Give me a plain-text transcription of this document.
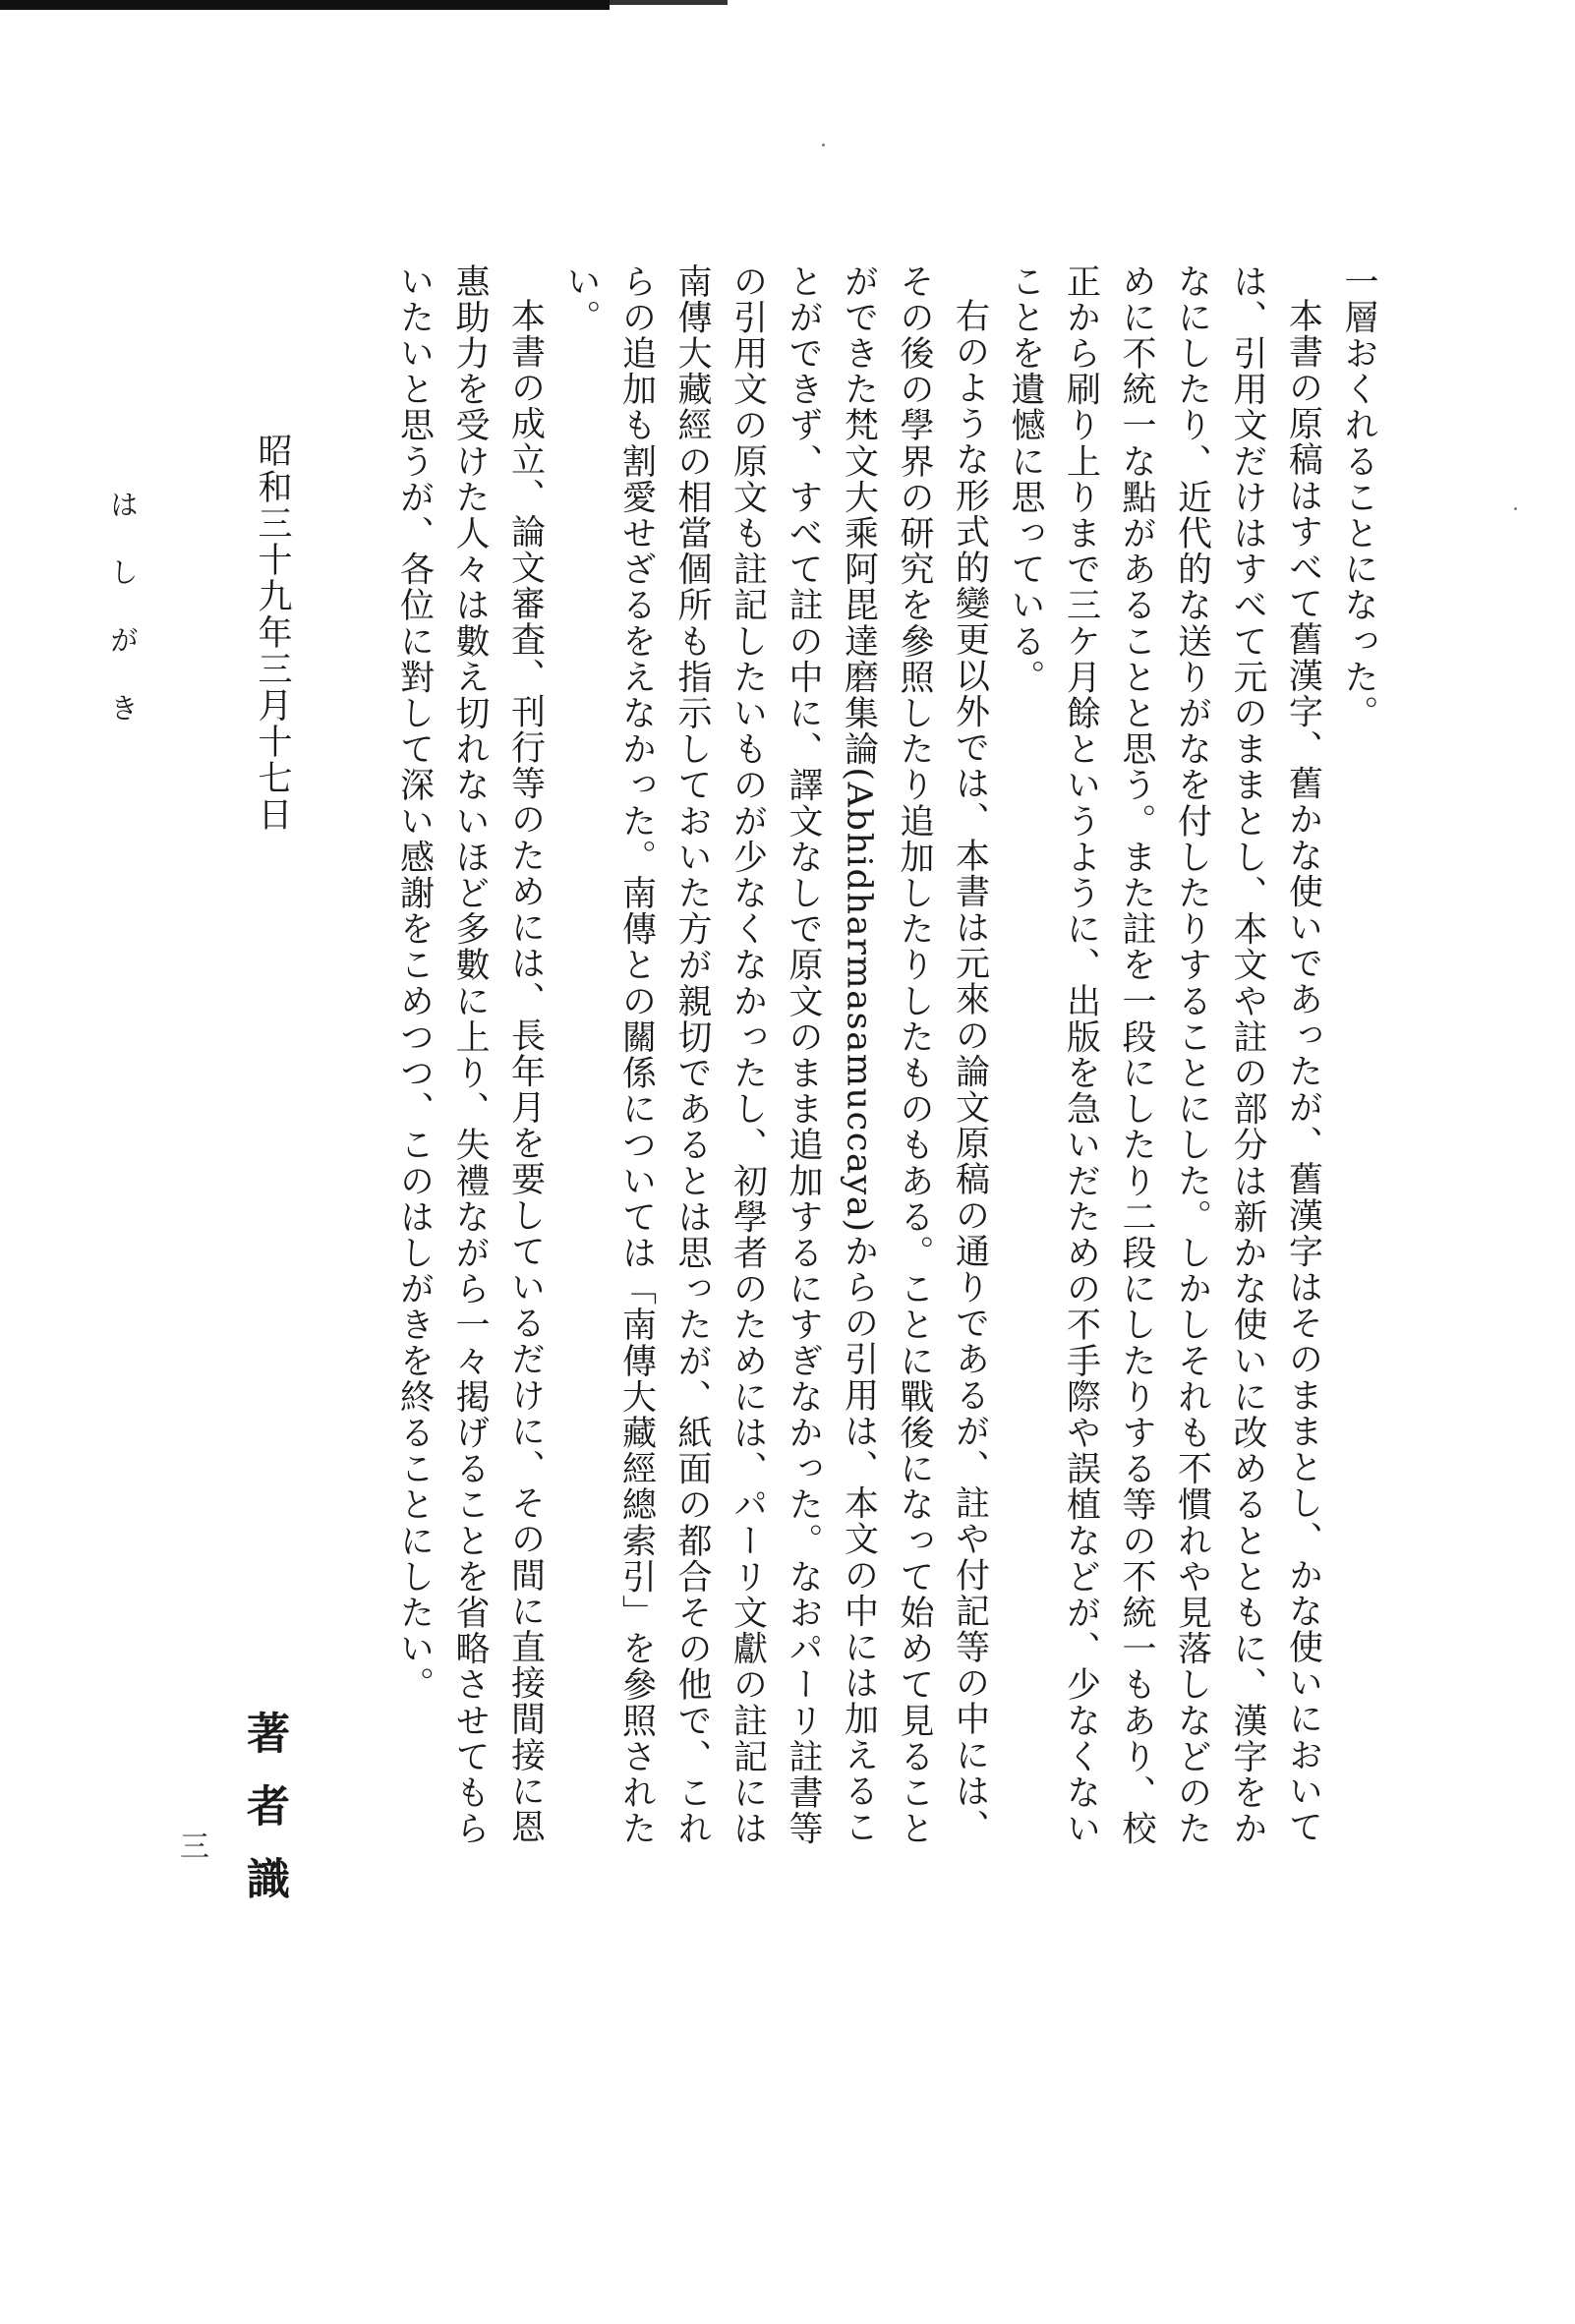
一層おくれることになった。

本書の原稿はすべて舊漢字、舊かな使いであったが、舊漢字はそのままとし、かな使いにおいては、引用文だけはすべて元のままとし、本文や註の部分は新かな使いに改めるとともに、漢字をかなにしたり、近代的な送りがなを付したりすることにした。しかしそれも不慣れや見落しなどのために不統一な點があることと思う。また註を一段にしたり二段にしたりする等の不統一もあり、校正から刷り上りまで三ケ月餘というように、出版を急いだための不手際や誤植などが、少なくないことを遺憾に思っている。

右のような形式的變更以外では、本書は元來の論文原稿の通りであるが、註や付記等の中には、その後の學界の研究を參照したり追加したりしたものもある。ことに戰後になって始めて見ることができた梵文大乘阿毘達磨集論(Abhidharmasamuccaya)からの引用は、本文の中には加えることができず、すべて註の中に、譯文なしで原文のまま追加するにすぎなかった。なおパーリ註書等の引用文の原文も註記したいものが少なくなかったし、初學者のためには、パーリ文獻の註記には南傳大藏經の相當個所も指示しておいた方が親切であるとは思ったが、紙面の都合その他で、これらの追加も割愛せざるをえなかった。南傳との關係については「南傳大藏經總索引」を參照されたい。

本書の成立、論文審査、刊行等のためには、長年月を要しているだけに、その間に直接間接に恩惠助力を受けた人々は數え切れないほど多數に上り、失禮ながら一々掲げることを省略させてもらいたいと思うが、各位に對して深い感謝をこめつつ、このはしがきを終ることにしたい。

著者識
昭和三十九年三月十七日
はしがき
三
